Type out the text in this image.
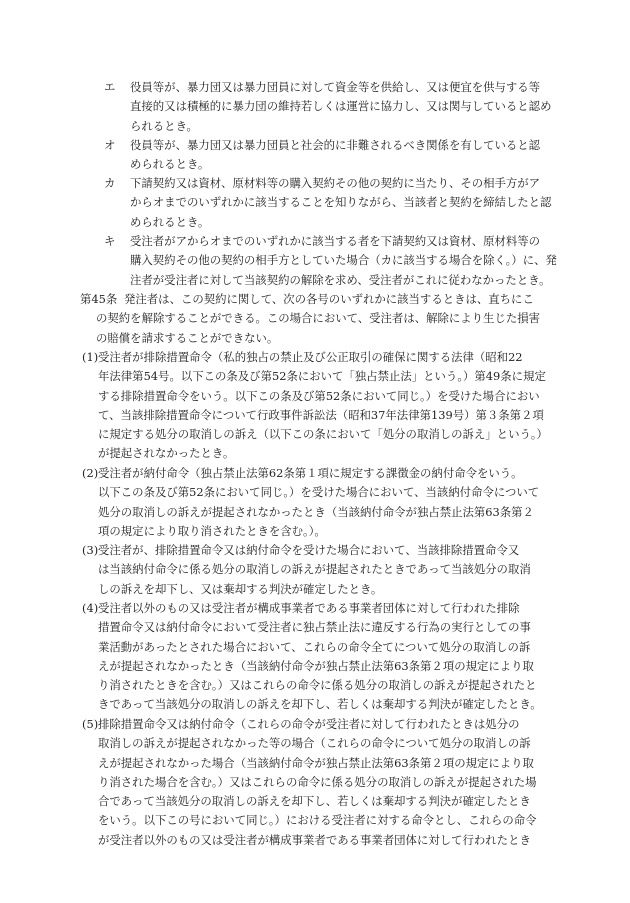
エ 役員等が、暴力団又は暴力団員に対して資金等を供給し、又は便宜を供与する等
直接的又は積極的に暴力団の維持若しくは運営に協力し、又は関与していると認め
られるとき。
オ 役員等が、暴力団又は暴力団員と社会的に非難されるべき関係を有していると認
められるとき。
カ 下請契約又は資材、原材料等の購入契約その他の契約に当たり、その相手方がア
からオまでのいずれかに該当することを知りながら、当該者と契約を締結したと認
められるとき。
キ 受注者がアからオまでのいずれかに該当する者を下請契約又は資材、原材料等の
購入契約その他の契約の相手方としていた場合（カに該当する場合を除く。）に、発
注者が受注者に対して当該契約の解除を求め、受注者がこれに従わなかったとき。
第45条 発注者は、この契約に関して、次の各号のいずれかに該当するときは、直ちにこ
の契約を解除することができる。この場合において、受注者は、解除により生じた損害
の賠償を請求することができない。
(1)受注者が排除措置命令（私的独占の禁止及び公正取引の確保に関する法律（昭和22
年法律第54号。以下この条及び第52条において「独占禁止法」という。）第49条に規定
する排除措置命令をいう。以下この条及び第52条において同じ。）を受けた場合におい
て、当該排除措置命令について行政事件訴訟法（昭和37年法律第139号）第３条第２項
に規定する処分の取消しの訴え（以下この条において「処分の取消しの訴え」という。）
が提起されなかったとき。
(2)受注者が納付命令（独占禁止法第62条第１項に規定する課徴金の納付命令をいう。
以下この条及び第52条において同じ。）を受けた場合において、当該納付命令について
処分の取消しの訴えが提起されなかったとき（当該納付命令が独占禁止法第63条第２
項の規定により取り消されたときを含む。）。
(3)受注者が、排除措置命令又は納付命令を受けた場合において、当該排除措置命令又
は当該納付命令に係る処分の取消しの訴えが提起されたときであって当該処分の取消
しの訴えを却下し、又は棄却する判決が確定したとき。
(4)受注者以外のもの又は受注者が構成事業者である事業者団体に対して行われた排除
措置命令又は納付命令において受注者に独占禁止法に違反する行為の実行としての事
業活動があったとされた場合において、これらの命令全てについて処分の取消しの訴
えが提起されなかったとき（当該納付命令が独占禁止法第63条第２項の規定により取
り消されたときを含む。）又はこれらの命令に係る処分の取消しの訴えが提起されたと
きであって当該処分の取消しの訴えを却下し、若しくは棄却する判決が確定したとき。
(5)排除措置命令又は納付命令（これらの命令が受注者に対して行われたときは処分の
取消しの訴えが提起されなかった等の場合（これらの命令について処分の取消しの訴
えが提起されなかった場合（当該納付命令が独占禁止法第63条第２項の規定により取
り消された場合を含む。）又はこれらの命令に係る処分の取消しの訴えが提起された場
合であって当該処分の取消しの訴えを却下し、若しくは棄却する判決が確定したとき
をいう。以下この号において同じ。）における受注者に対する命令とし、これらの命令
が受注者以外のもの又は受注者が構成事業者である事業者団体に対して行われたとき
